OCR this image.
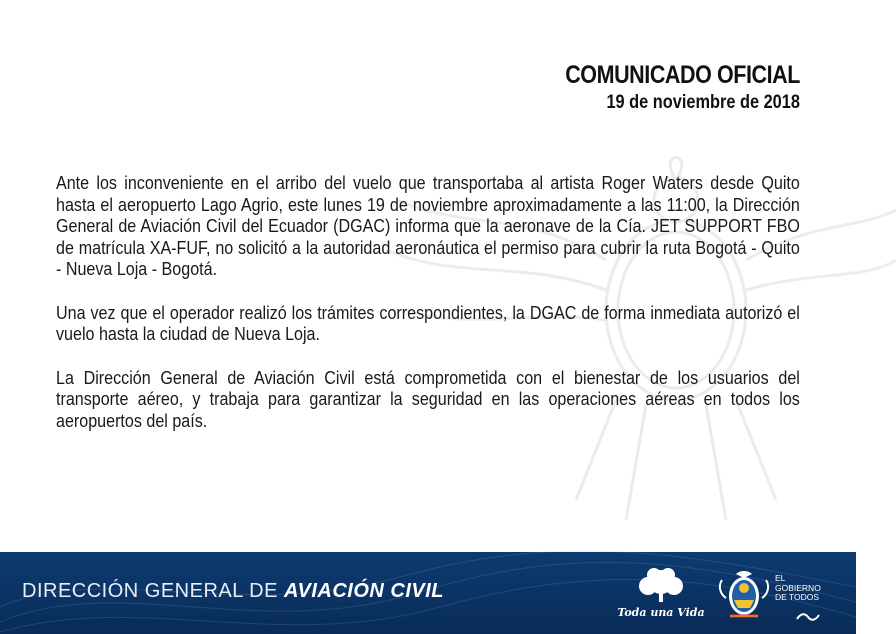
COMUNICADO OFICIAL
19 de noviembre de 2018

Ante los inconveniente en el arribo del vuelo que transportaba al artista Roger Waters desde Quito hasta el aeropuerto Lago Agrio, este lunes 19 de noviembre aproximadamente a las 11:00, la Dirección General de Aviación Civil del Ecuador (DGAC) informa que la aeronave de la Cía. JET SUPPORT FBO de matrícula XA-FUF, no solicitó a la autoridad aeronáutica el permiso para cubrir la ruta Bogotá - Quito - Nueva Loja - Bogotá.

Una vez que el operador realizó los trámites correspondientes, la DGAC de forma inmediata autorizó el vuelo hasta la ciudad de Nueva Loja.

La Dirección General de Aviación Civil está comprometida con el bienestar de los usuarios del transporte aéreo, y trabaja para garantizar la seguridad en las operaciones aéreas en todos los aeropuertos del país.

DIRECCIÓN GENERAL DE AVIACIÓN CIVIL
Toda una Vida
EL
GOBIERNO
DE TODOS
